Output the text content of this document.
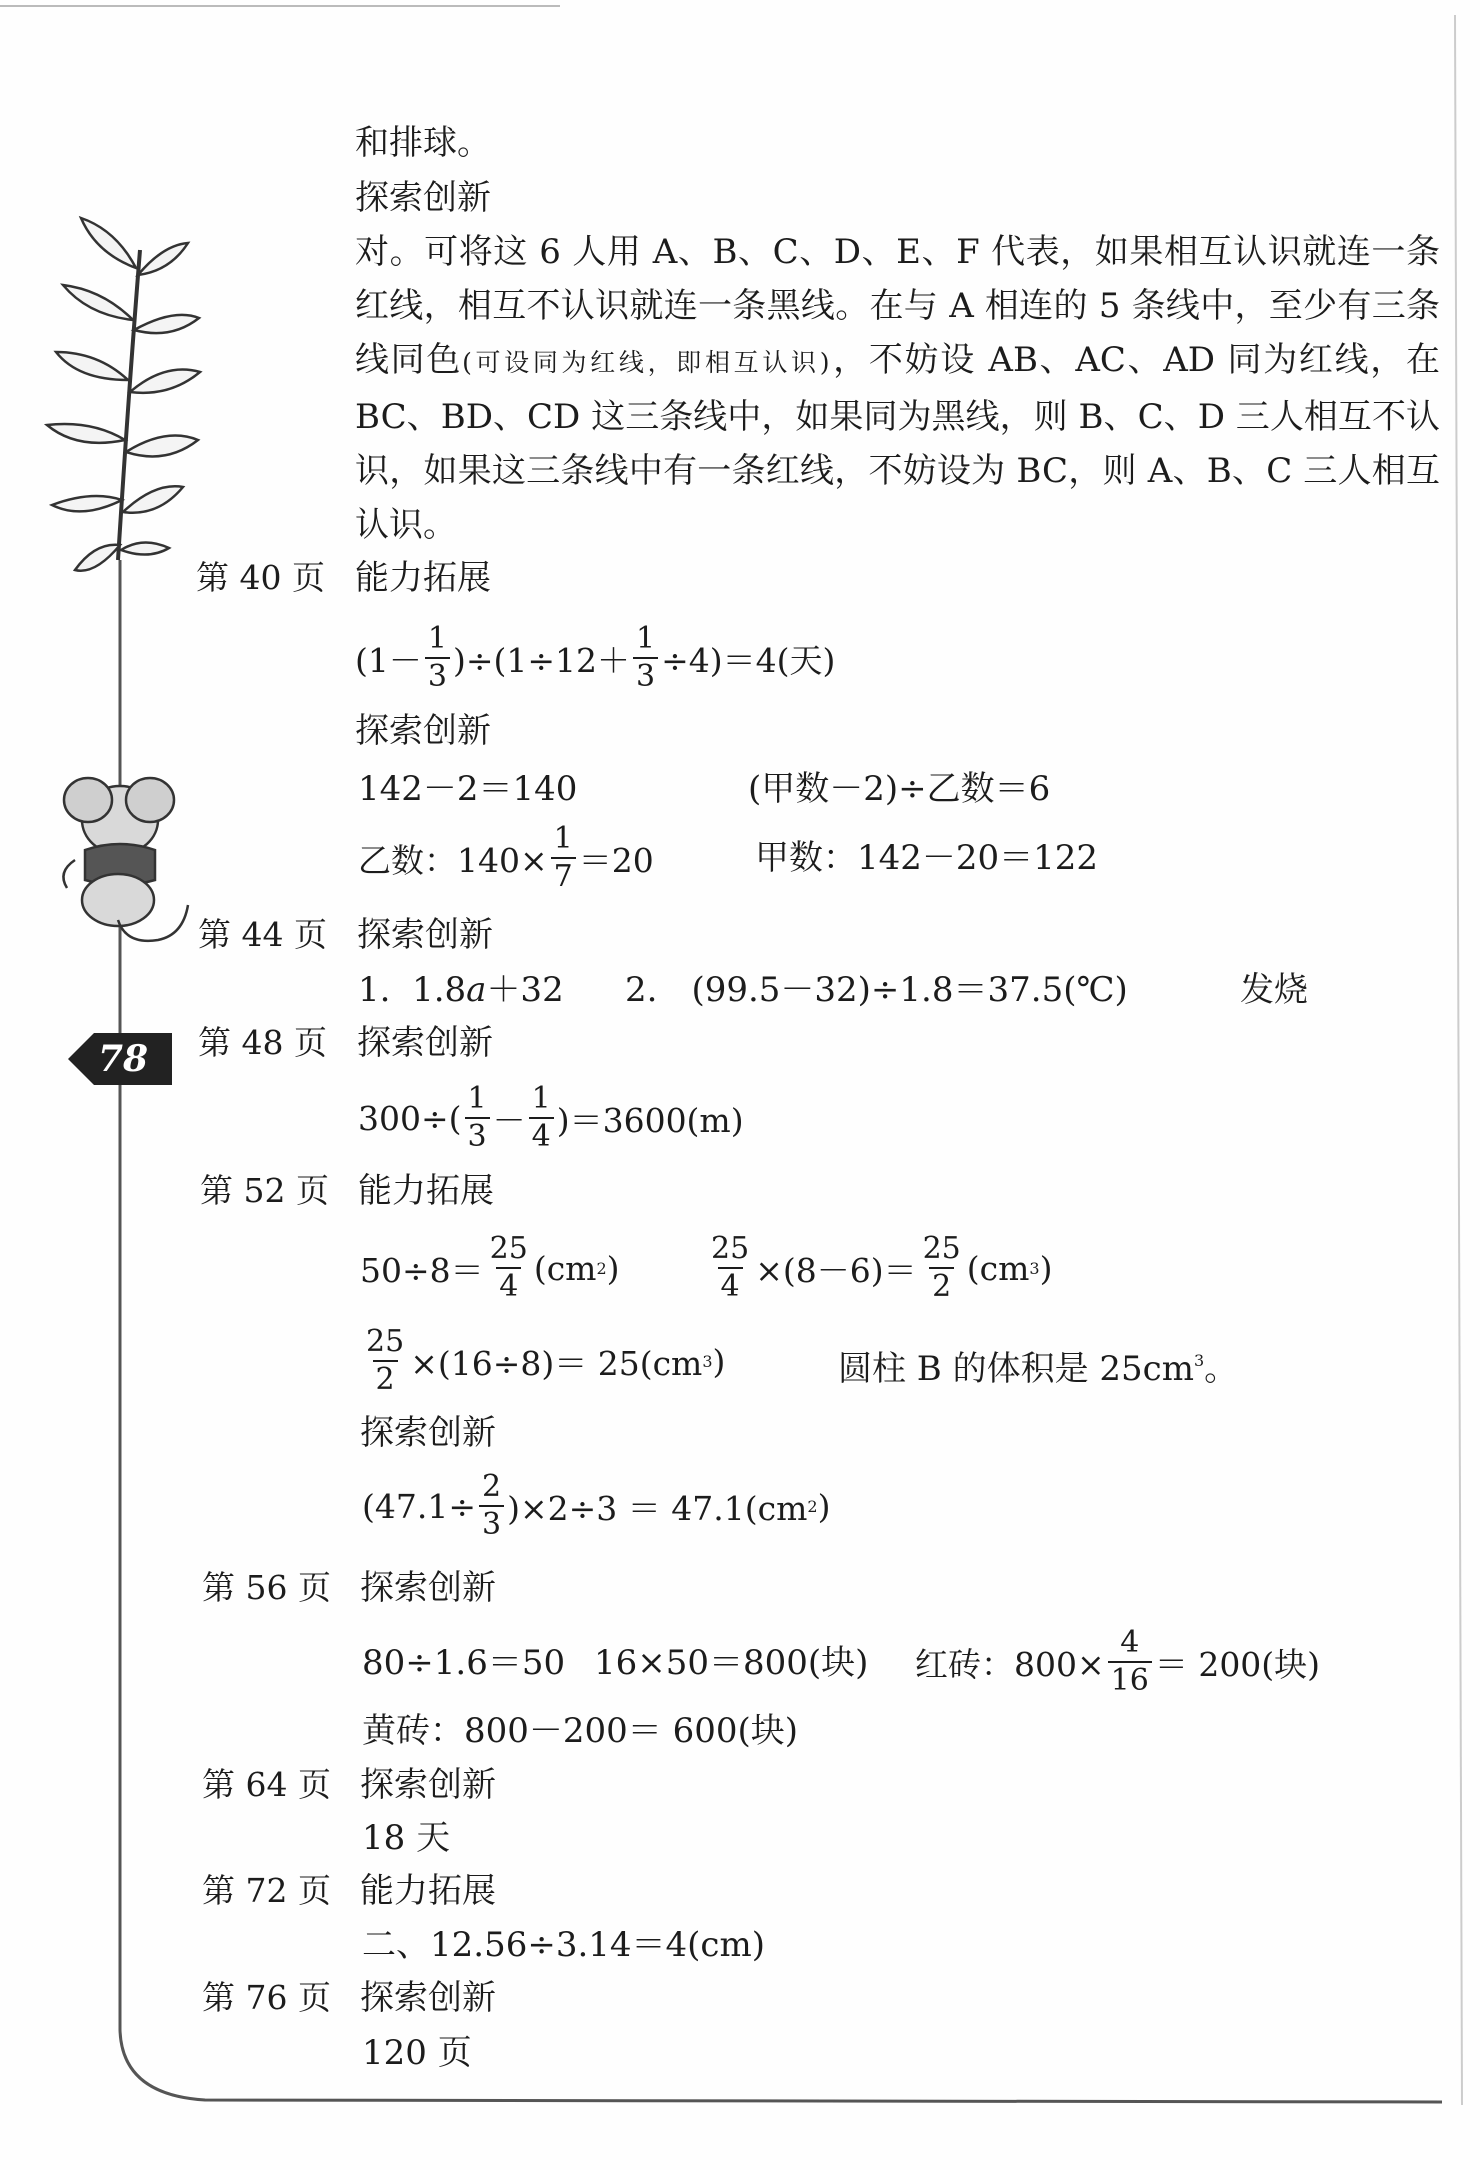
78
和排球。
探索创新
对。可将这 6 人用 A、B、C、D、E、F 代表，如果相互认识就连一条红线，相互不认识就连一条黑线。在与 A 相连的 5 条线中，至少有三条线同色(可设同为红线，即相互认识)，不妨设 AB、AC、AD 同为红线，在 BC、BD、CD 这三条线中，如果同为黑线，则 B、C、D 三人相互不认识，如果这三条线中有一条红线，不妨设为 BC，则 A、B、C 三人相互认识。
第 40 页 能力拓展
$(1- \frac{1}{3} )\div(1\div 12+ \frac{1}{3} \div 4)=4$(天)
探索创新
142－2＝140	(甲数－2)÷乙数＝6
乙数：$140\times \frac{1}{7} =20$	甲数：142－20＝122
第 44 页 探索创新
1. 1.8a＋32 2.　(99.5－32)÷1.8＝37.5(℃)	发烧
第 48 页 探索创新
$300\div( \frac{1}{3} - \frac{1}{4} )=3600(m)$
第 52 页 能力拓展
$50\div 8= \frac{25}{4} (cm$ 2 )	$\frac{25}{4} \times(8-6)= \frac{25}{2} (cm$ 3 )
$\frac{25}{2} \times(16\div 8)= 25(cm$ 3 )	圆柱 B 的体积是 $25cm^3$。
探索创新
$(47.1\div \frac{2}{3} )\times 2\div 3 = 47.1(cm$ 2 )
第 56 页 探索创新
80÷1.6＝50 16×50＝800(块) 红砖：$800\times \frac{4}{16} = 200$(块)
黄砖：800－200＝ 600(块)
第 64 页 探索创新
18 天
第 72 页 能力拓展
二、12.56÷3.14＝4(cm)
第 76 页 探索创新
120 页
